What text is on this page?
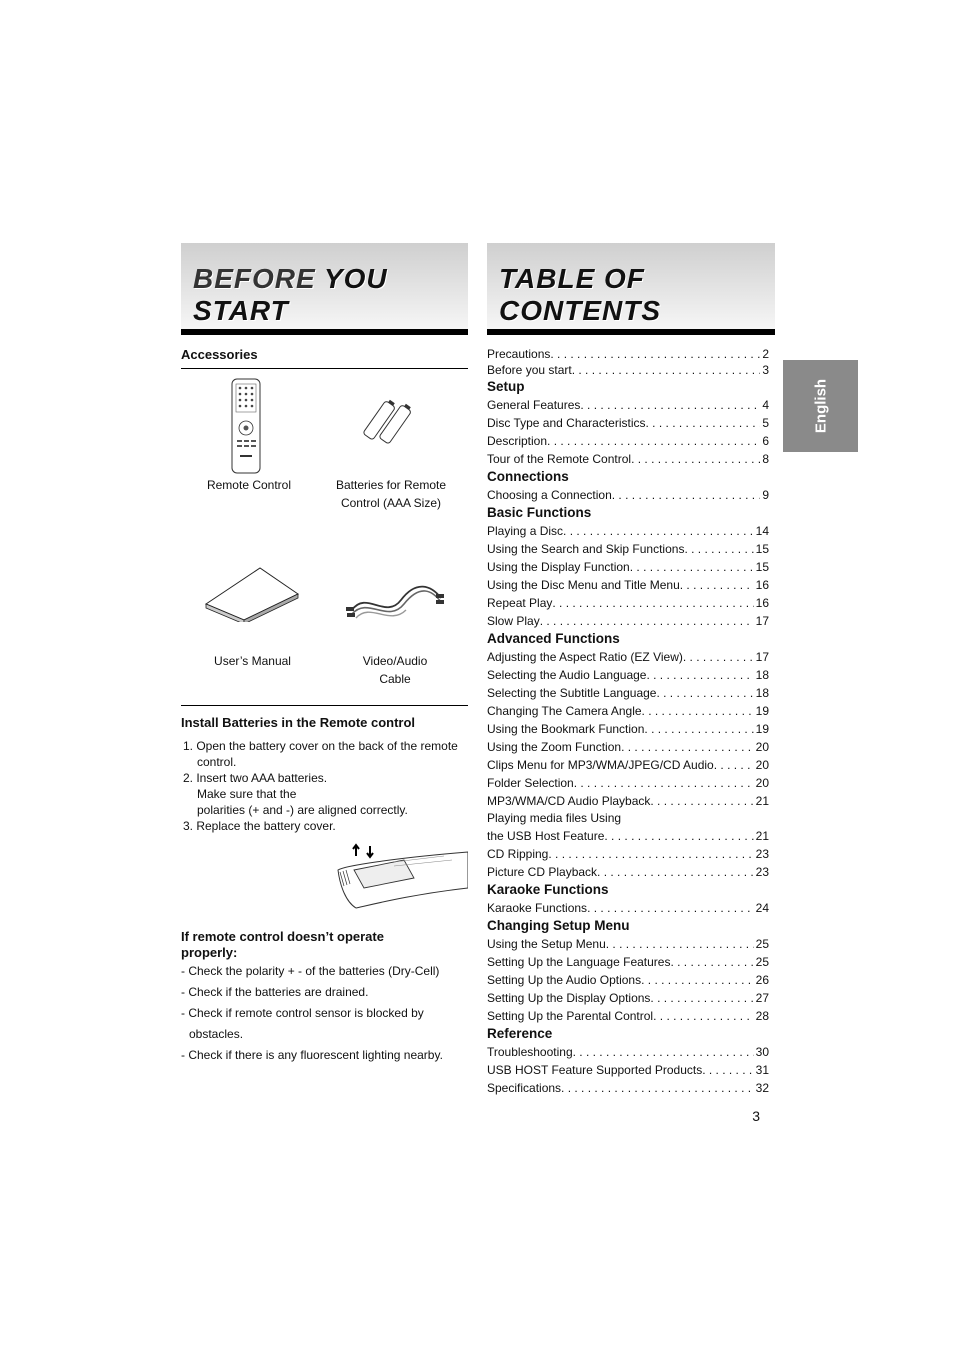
BEFORE YOU
START
TABLE OF
CONTENTS
English
Accessories
Remote Control	Batteries for Remote
Control (AAA Size)
User’s Manual	Video/Audio
Cable
Install Batteries in the Remote control
1. Open the battery cover on the back of the remote
control.
2. Insert two AAA batteries.
Make sure that the
polarities (+ and -) are aligned correctly.
3. Replace the battery cover.
If remote control doesn’t operate
properly:
- Check the polarity + - of the batteries (Dry-Cell)
- Check if the batteries are drained.
- Check if remote control sensor is blocked by
obstacles.
- Check if there is any fluorescent lighting nearby.
Precautions . . .	2
Before you start . . .	3
Setup
General Features . . .	4
Disc Type and Characteristics . . .	5
Description . . .	6
Tour of the Remote Control . . .	8
Connections
Choosing a Connection . . .	9
Basic Functions
Playing a Disc . . .	14
Using the Search and Skip Functions . . .	15
Using the Display Function . . .	15
Using the Disc Menu and Title Menu . . .	16
Repeat Play . . .	16
Slow Play . . .	17
Advanced Functions
Adjusting the Aspect Ratio (EZ View) . . .	17
Selecting the Audio Language . . .	18
Selecting the Subtitle Language . . .	18
Changing The Camera Angle . . .	19
Using the Bookmark Function . . .	19
Using the Zoom Function . . .	20
Clips Menu for MP3/WMA/JPEG/CD Audio . . .	20
Folder Selection . . .	20
MP3/WMA/CD Audio Playback . . .	21
Playing media files Using
the USB Host Feature . . .	21
CD Ripping . . .	23
Picture CD Playback . . .	23
Karaoke Functions
Karaoke Functions . . .	24
Changing Setup Menu
Using the Setup Menu . . .	25
Setting Up the Language Features . . .	25
Setting Up the Audio Options . . .	26
Setting Up the Display Options . . .	27
Setting Up the Parental Control . . .	28
Reference
Troubleshooting . . .	30
USB HOST Feature Supported Products . . .	31
Specifications . . .	32
3
